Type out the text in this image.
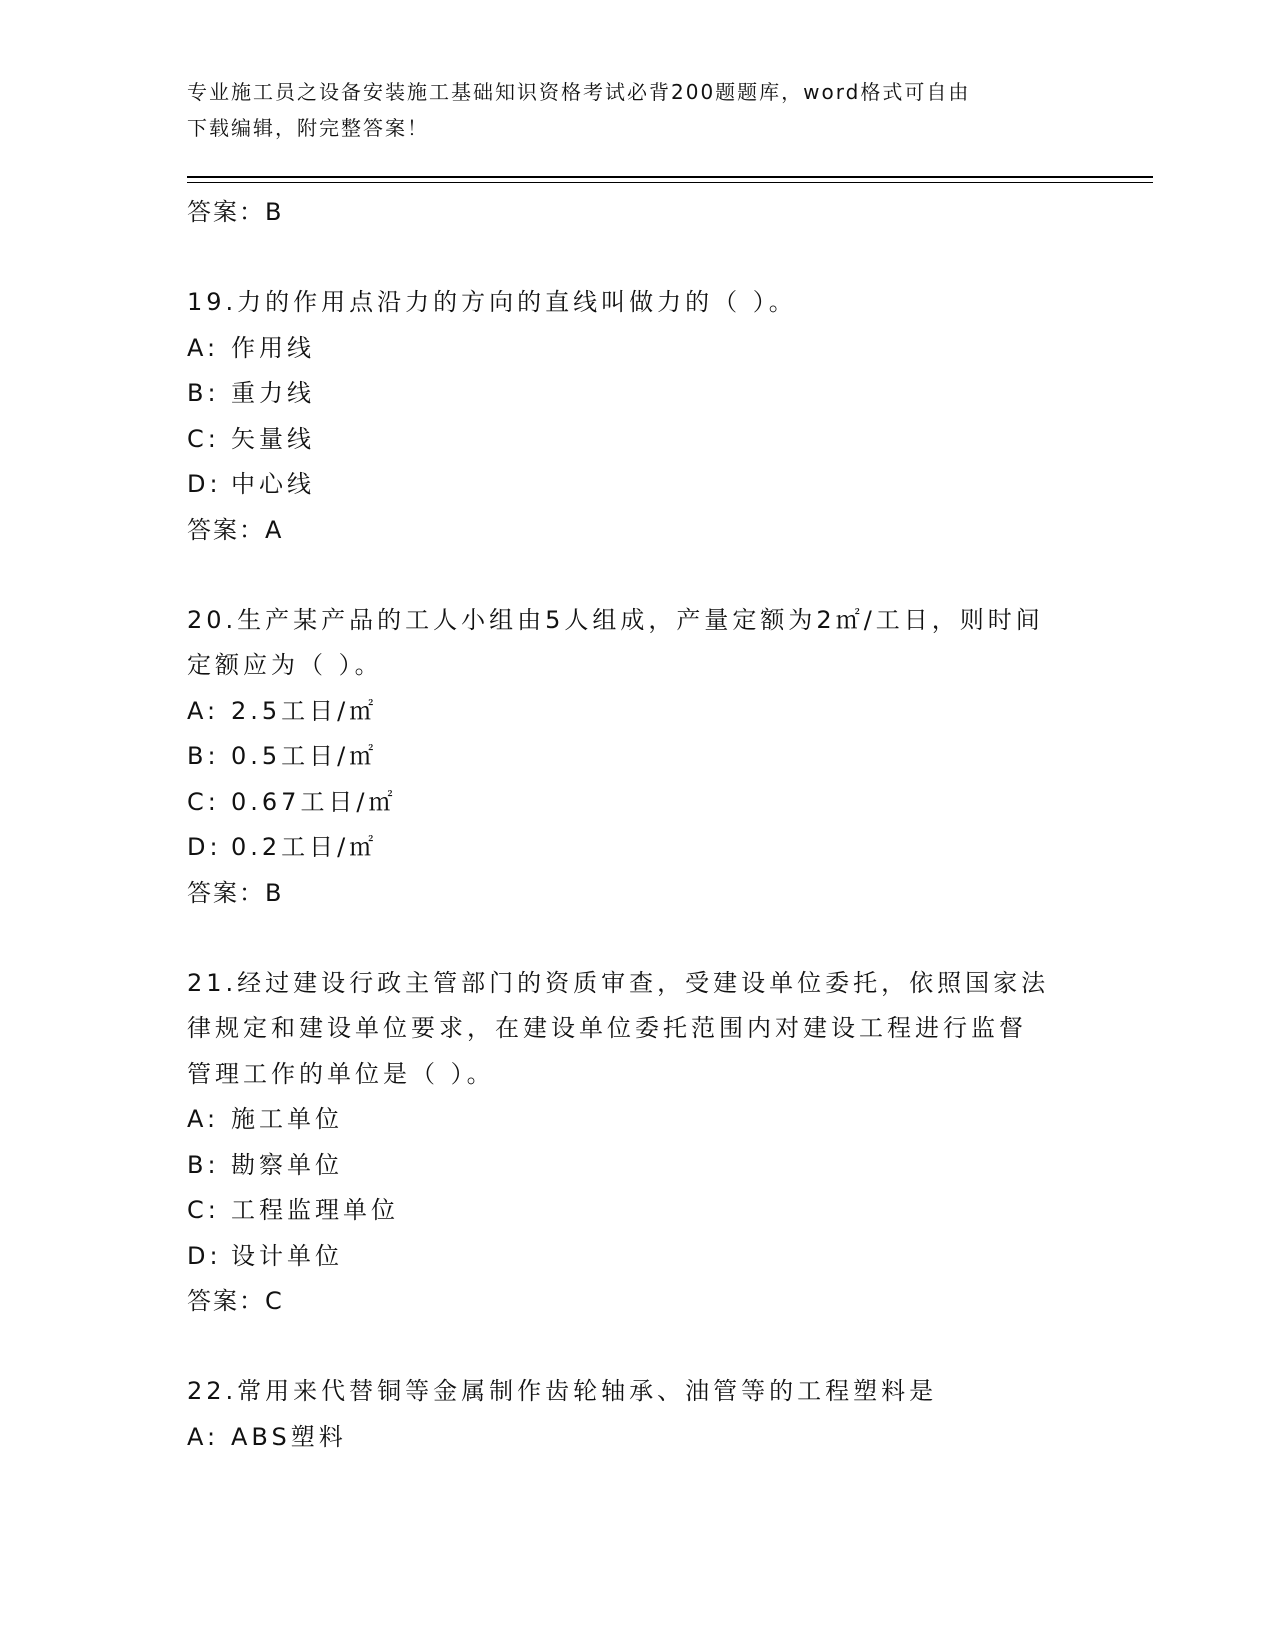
专业施工员之设备安装施工基础知识资格考试必背200题题库，word格式可自由
下载编辑，附完整答案！
答案：B
19.力的作用点沿力的方向的直线叫做力的（ ）。
A: 作用线
B: 重力线
C: 矢量线
D: 中心线
答案：A
20.生产某产品的工人小组由5人组成，产量定额为2㎡/工日，则时间
定额应为（ ）。
A: 2.5工日/㎡
B: 0.5工日/㎡
C: 0.67工日/㎡
D: 0.2工日/㎡
答案：B
21.经过建设行政主管部门的资质审查，受建设单位委托，依照国家法
律规定和建设单位要求，在建设单位委托范围内对建设工程进行监督
管理工作的单位是（ ）。
A: 施工单位
B: 勘察单位
C: 工程监理单位
D: 设计单位
答案：C
22.常用来代替铜等金属制作齿轮轴承、油管等的工程塑料是
A: ABS塑料
